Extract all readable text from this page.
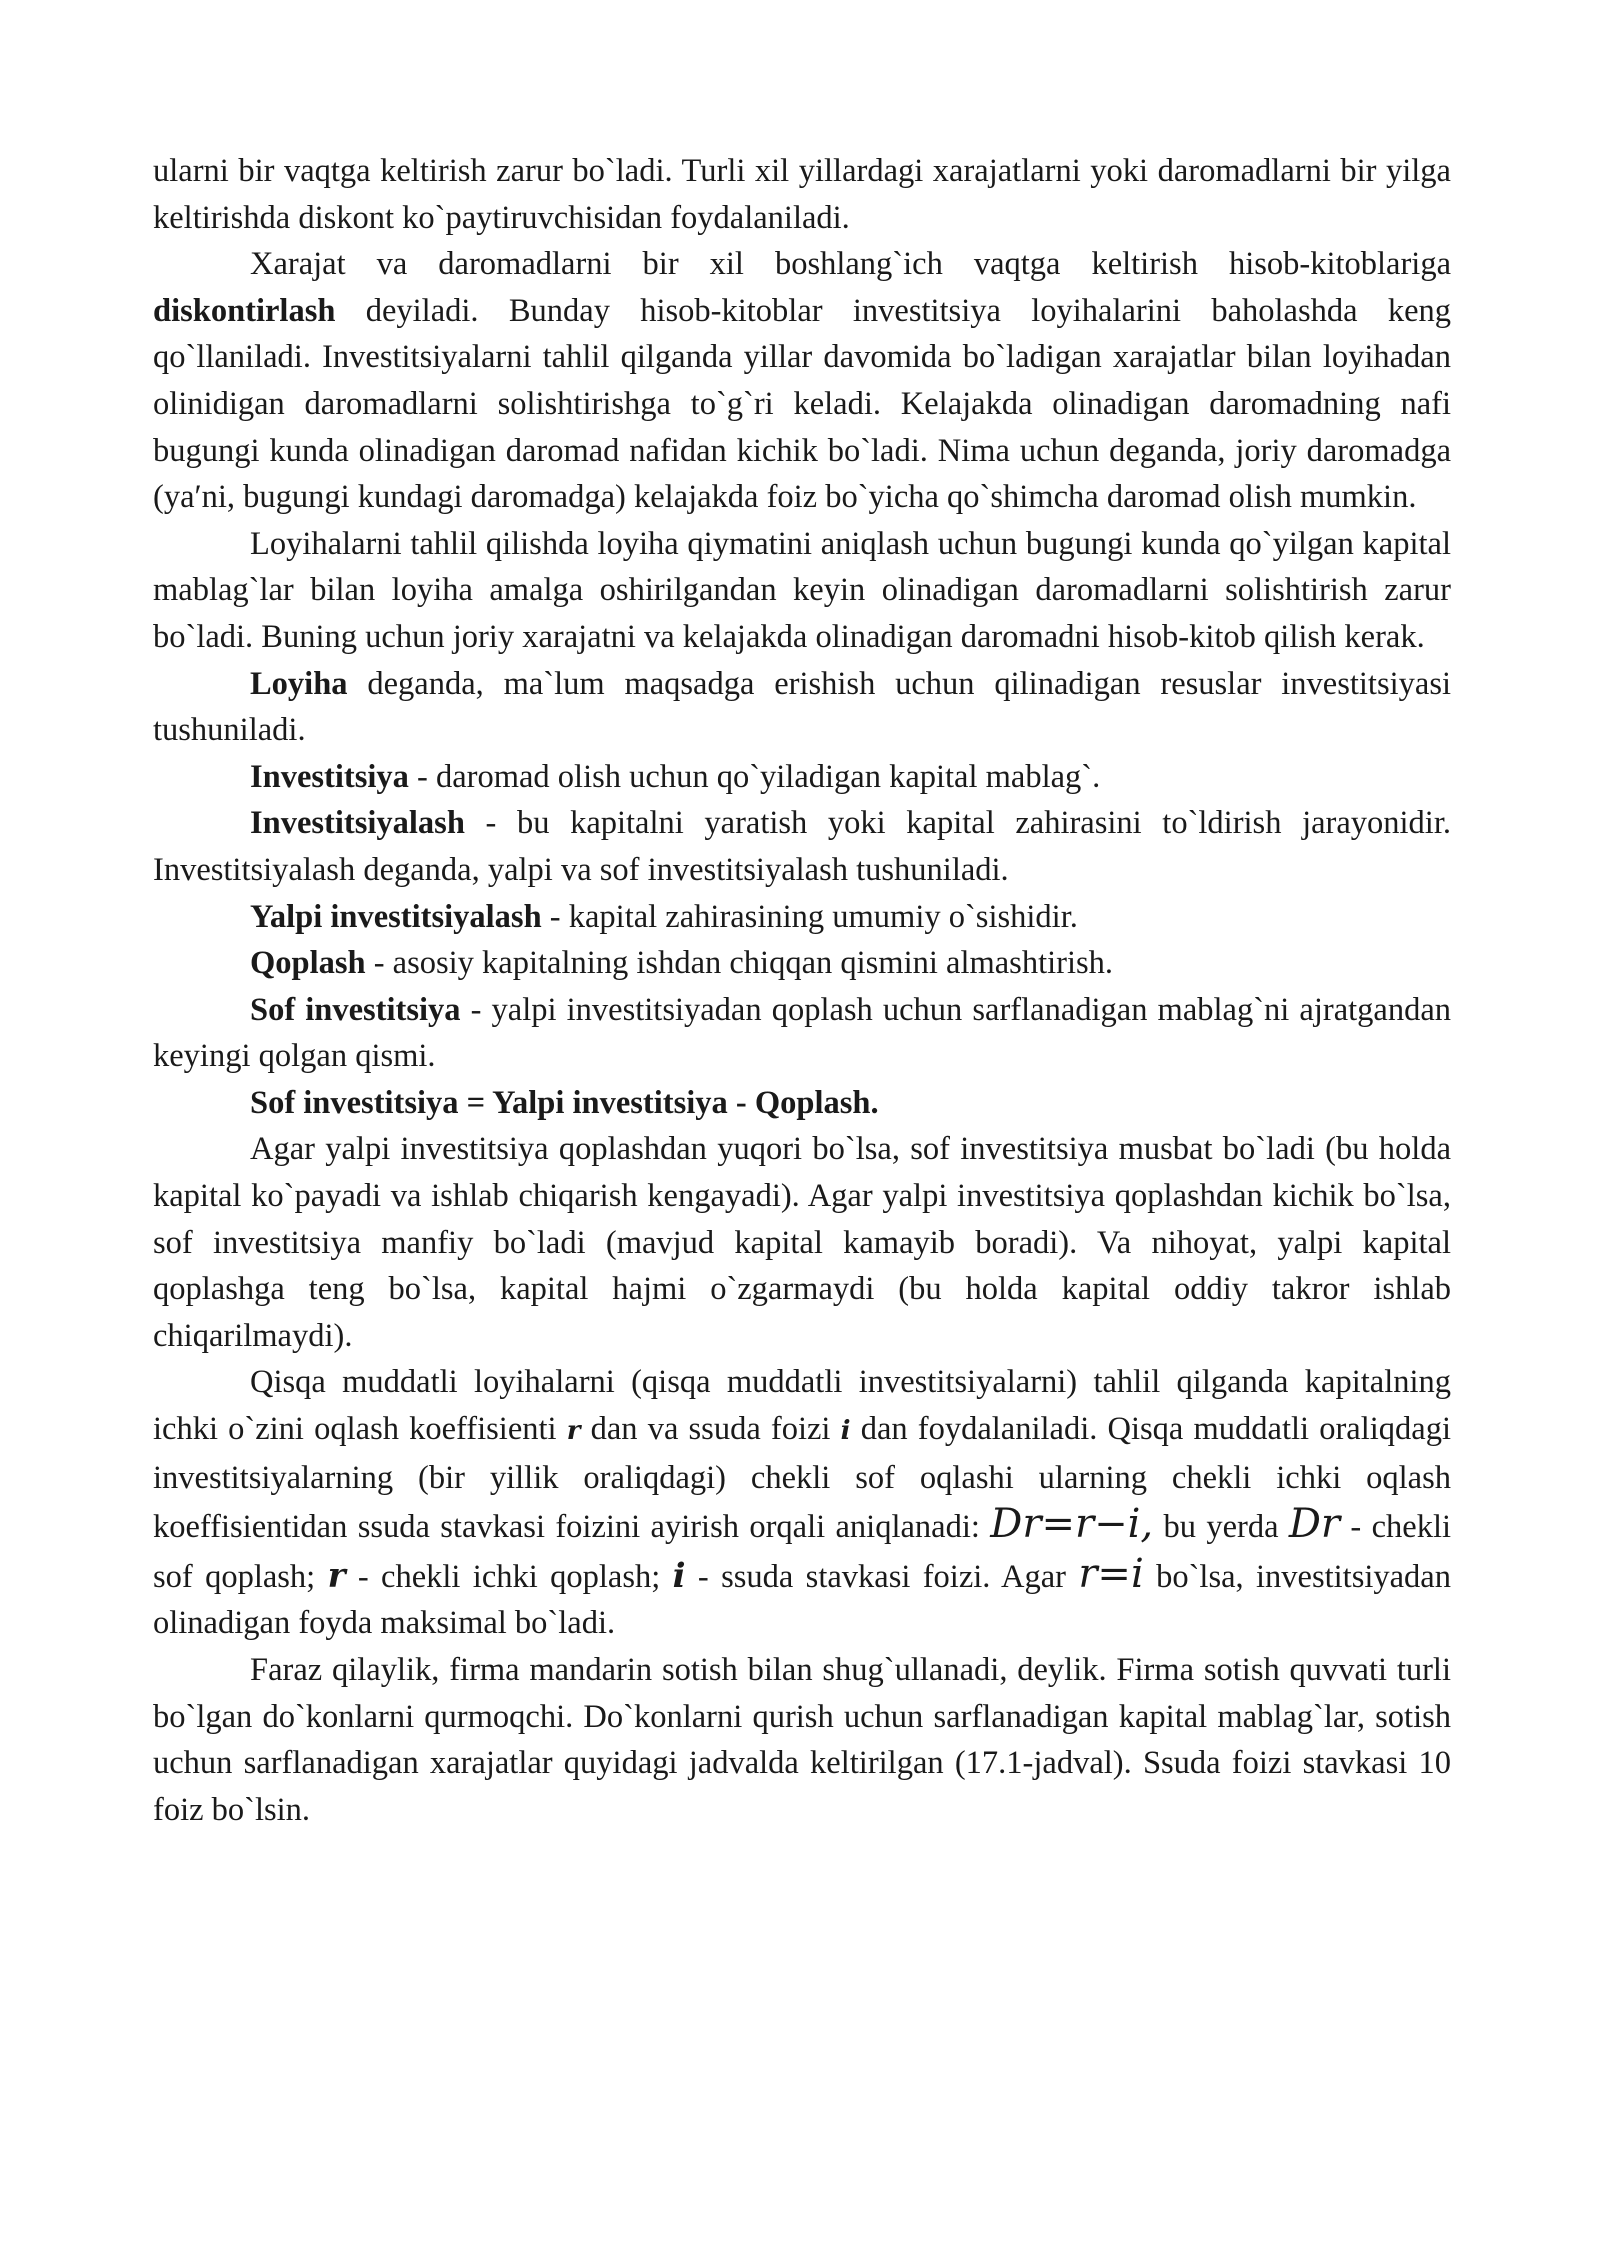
ularni bir vaqtga keltirish zarur bo`ladi. Turli xil yillardagi xarajatlarni yoki daromadlarni bir yilga keltirishda diskont ko`paytiruvchisidan foydalaniladi.

Xarajat va daromadlarni bir xil boshlang`ich vaqtga keltirish hisob-kitoblariga diskontirlash deyiladi. Bunday hisob-kitoblar investitsiya loyihalarini baholashda keng qo`llaniladi. Investitsiyalarni tahlil qilganda yillar davomida bo`ladigan xarajatlar bilan loyihadan olinidigan daromadlarni solishtirishga to`g`ri keladi. Kelajakda olinadigan daromadning nafi bugungi kunda olinadigan daromad nafidan kichik bo`ladi. Nima uchun deganda, joriy daromadga (ya′ni, bugungi kundagi daromadga) kelajakda foiz bo`yicha qo`shimcha daromad olish mumkin.

Loyihalarni tahlil qilishda loyiha qiymatini aniqlash uchun bugungi kunda qo`yilgan kapital mablag`lar bilan loyiha amalga oshirilgandan keyin olinadigan daromadlarni solishtirish zarur bo`ladi. Buning uchun joriy xarajatni va kelajakda olinadigan daromadni hisob-kitob qilish kerak.

Loyiha deganda, ma`lum maqsadga erishish uchun qilinadigan resuslar investitsiyasi tushuniladi.

Investitsiya - daromad olish uchun qo`yiladigan kapital mablag`.

Investitsiyalash - bu kapitalni yaratish yoki kapital zahirasini to`ldirish jarayonidir. Investitsiyalash deganda, yalpi va sof investitsiyalash tushuniladi.

Yalpi investitsiyalash - kapital zahirasining umumiy o`sishidir.

Qoplash - asosiy kapitalning ishdan chiqqan qismini almashtirish.

Sof investitsiya - yalpi investitsiyadan qoplash uchun sarflanadigan mablag`ni ajratgandan keyingi qolgan qismi.

Sof investitsiya = Yalpi investitsiya - Qoplash.

Agar yalpi investitsiya qoplashdan yuqori bo`lsa, sof investitsiya musbat bo`ladi (bu holda kapital ko`payadi va ishlab chiqarish kengayadi). Agar yalpi investitsiya qoplashdan kichik bo`lsa, sof investitsiya manfiy bo`ladi (mavjud kapital kamayib boradi). Va nihoyat, yalpi kapital qoplashga teng bo`lsa, kapital hajmi o`zgarmaydi (bu holda kapital oddiy takror ishlab chiqarilmaydi).

Qisqa muddatli loyihalarni (qisqa muddatli investitsiyalarni) tahlil qilganda kapitalning ichki o`zini oqlash koeffisienti r dan va ssuda foizi i dan foydalaniladi. Qisqa muddatli oraliqdagi investitsiyalarning (bir yillik oraliqdagi) chekli sof oqlashi ularning chekli ichki oqlash koeffisientidan ssuda stavkasi foizini ayirish orqali aniqlanadi: Dr=r−i, bu yerda Dr - chekli sof qoplash; r - chekli ichki qoplash; i - ssuda stavkasi foizi. Agar r=i bo`lsa, investitsiyadan olinadigan foyda maksimal bo`ladi.

Faraz qilaylik, firma mandarin sotish bilan shug`ullanadi, deylik. Firma sotish quvvati turli bo`lgan do`konlarni qurmoqchi. Do`konlarni qurish uchun sarflanadigan kapital mablag`lar, sotish uchun sarflanadigan xarajatlar quyidagi jadvalda keltirilgan (17.1-jadval). Ssuda foizi stavkasi 10 foiz bo`lsin.
